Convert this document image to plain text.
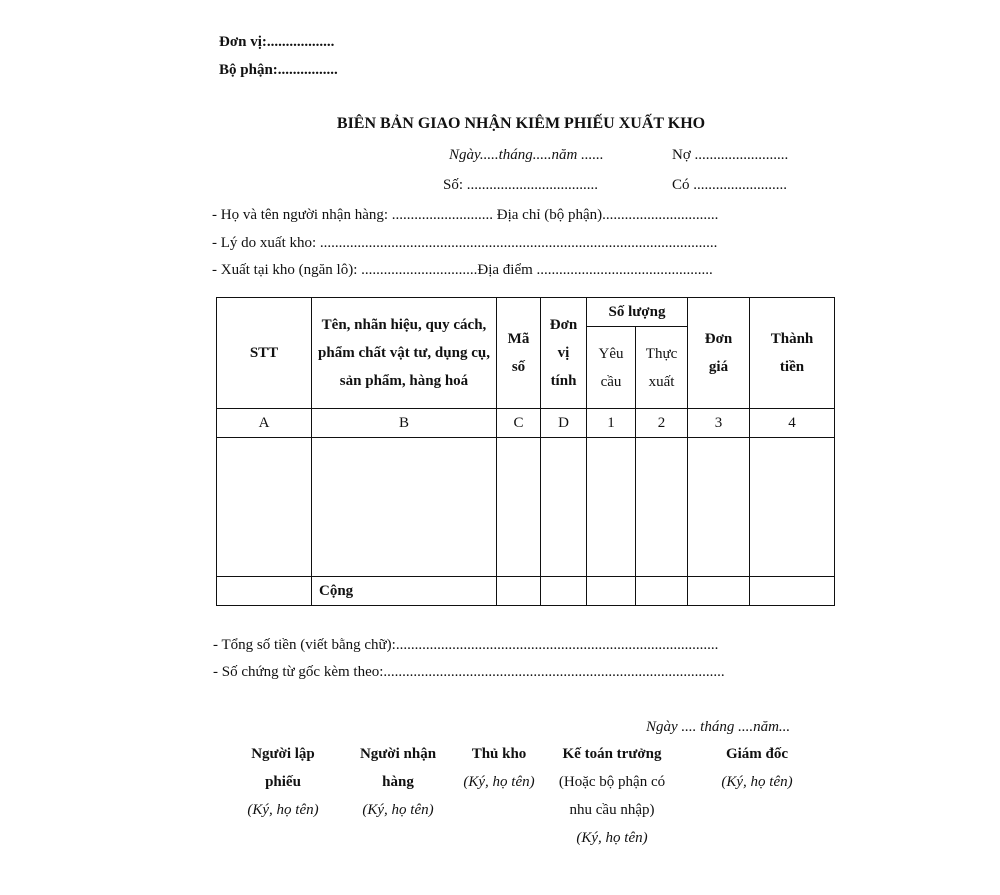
Đơn vị:..................
Bộ phận:................
BIÊN BẢN GIAO NHẬN KIÊM PHIẾU XUẤT KHO
Ngày.....tháng.....năm ......	Nợ .........................
Số: ...................................	Có .........................
- Họ và tên người nhận hàng: ........................... Địa chỉ (bộ phận)...............................
- Lý do xuất kho: ..........................................................................................................
- Xuất tại kho (ngăn lô): ...............................Địa điểm ...............................................
STT	Tên, nhãn hiệu, quy cách, phẩm chất vật tư, dụng cụ, sản phẩm, hàng hoá	Mã số	Đơn vị tính	Số lượng		Đơn giá	Thành tiền
				Yêu cầu	Thực xuất		
A	B	C	D	1	2	3	4

	Cộng						
- Tổng số tiền (viết bằng chữ):......................................................................................
- Số chứng từ gốc kèm theo:...........................................................................................
Ngày .... tháng ....năm...
Người lập phiếu
(Ký, họ tên)
Người nhận hàng
(Ký, họ tên)
Thủ kho
(Ký, họ tên)
Kế toán trưởng
(Hoặc bộ phận có nhu cầu nhập)
(Ký, họ tên)
Giám đốc
(Ký, họ tên)
